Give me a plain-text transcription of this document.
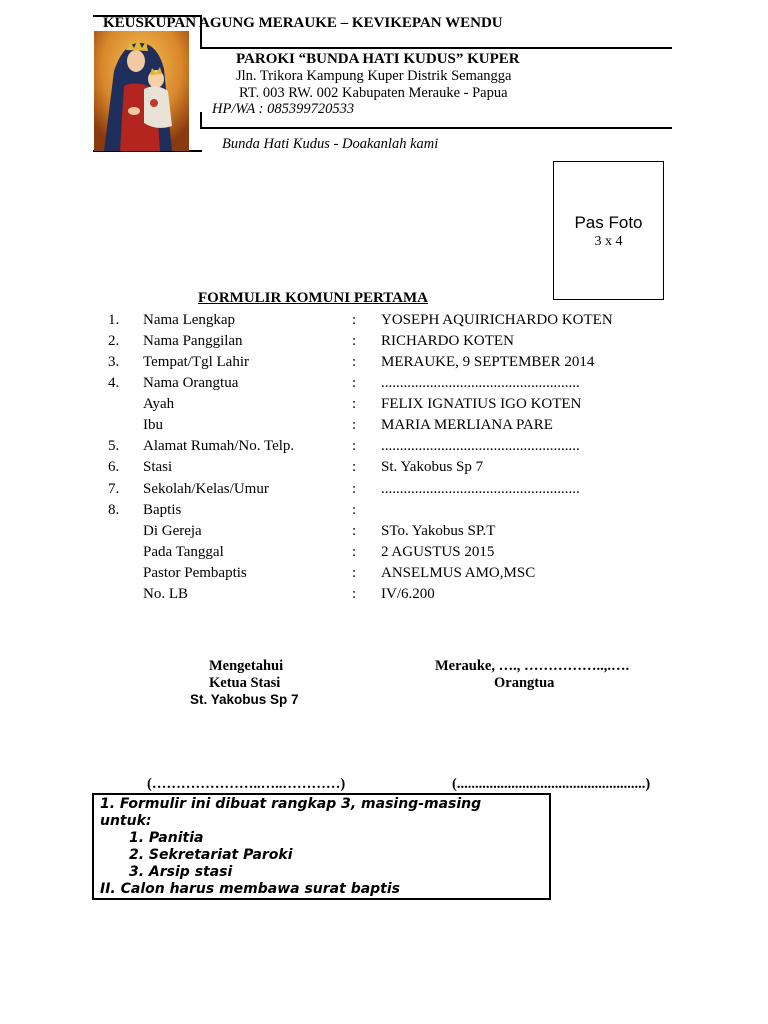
KEUSKUPAN AGUNG MERAUKE – KEVIKEPAN WENDU
PAROKI “BUNDA HATI KUDUS” KUPER
Jln. Trikora Kampung Kuper Distrik Semangga
RT. 003 RW. 002 Kabupaten Merauke - Papua
HP/WA : 085399720533
Bunda Hati Kudus - Doakanlah kami
Pas Foto
3 x 4
FORMULIR KOMUNI PERTAMA
1. Nama Lengkap	: YOSEPH AQUIRICHARDO KOTEN
2. Nama Panggilan	: RICHARDO KOTEN
3. Tempat/Tgl Lahir	: MERAUKE, 9 SEPTEMBER 2014
4. Nama Orangtua	: .....................................................
Ayah	: FELIX IGNATIUS IGO KOTEN
Ibu	: MARIA MERLIANA PARE
5. Alamat Rumah/No. Telp.	: .....................................................
6. Stasi	: St. Yakobus Sp 7
7. Sekolah/Kelas/Umur	: .....................................................
8. Baptis	:
Di Gereja	: STo. Yakobus SP.T
Pada Tanggal	: 2 AGUSTUS 2015
Pastor Pembaptis	: ANSELMUS AMO,MSC
No. LB	: IV/6.200
Mengetahui
Ketua Stasi
St. Yakobus Sp 7
Merauke, …., ……………..,.….
Orangtua
(…………………..…..…………)	(....................................................)
1. Formulir ini dibuat rangkap 3, masing-masing
untuk:
1. Panitia
2. Sekretariat Paroki
3. Arsip stasi
II. Calon harus membawa surat baptis
